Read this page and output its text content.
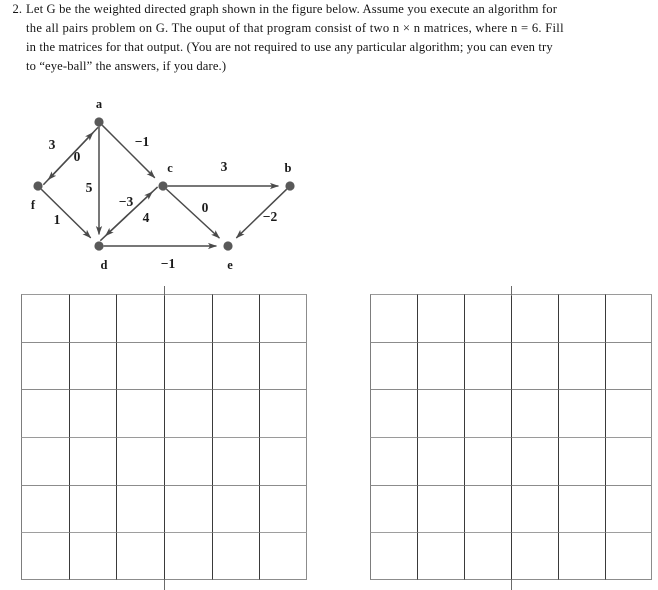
2. Let G be the weighted directed graph shown in the figure below. Assume you execute an algorithm for
the all pairs problem on G. The ouput of that program consist of two n × n matrices, where n = 6. Fill
in the matrices for that output. (You are not required to use any particular algorithm; you can even try
to “eye-ball” the answers, if you dare.)
a
f
c	b
d	e
3
0
5
−1
1
−3
4
3
0
−1
−2
